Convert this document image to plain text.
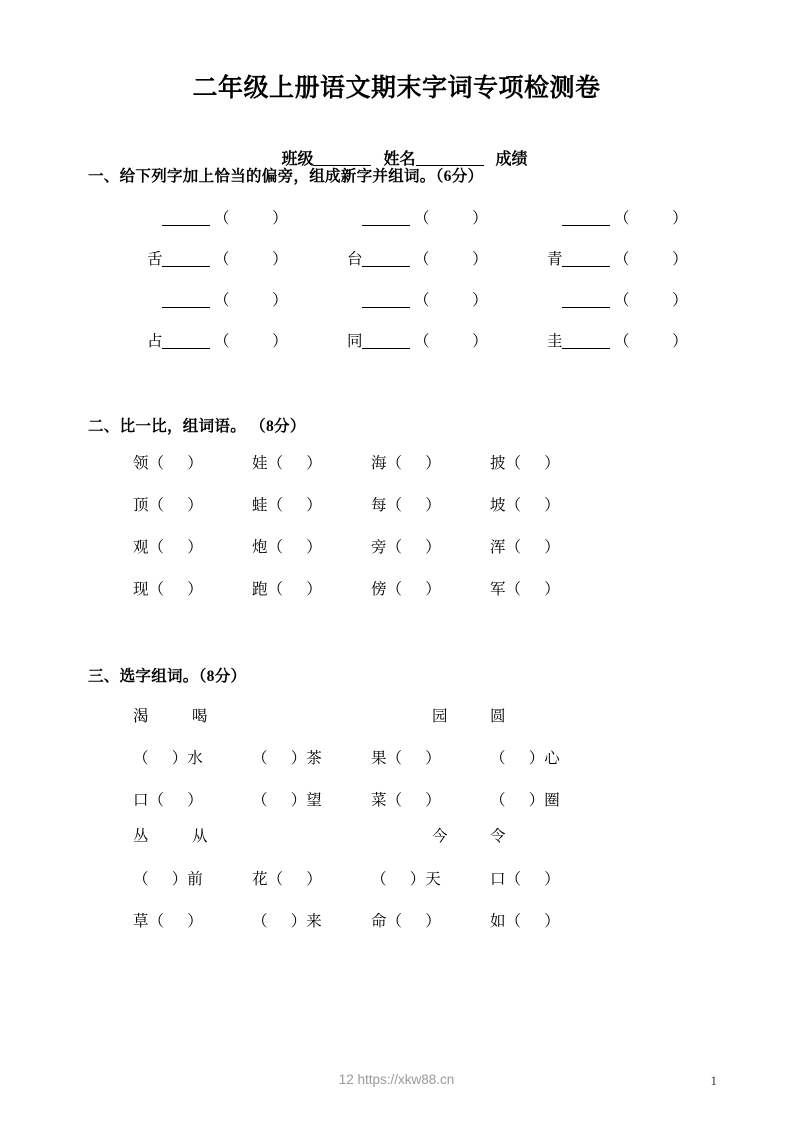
二年级上册语文期末字词专项检测卷

班级	姓名	成绩

一、给下列字加上恰当的偏旁，组成新字并组词。（6分）
（           ）	（           ）	（           ）
舌	（           ）	台	（           ）	青	（           ）
（           ）	（           ）	（           ）
占	（           ）	同	（           ）	圭	（           ）
二、比一比，组词语。 （8分）
领（      ）	娃（      ）	海（      ）	披（      ）
顶（      ）	蛙（      ）	每（      ）	坡（      ）
观（      ）	炮（      ）	旁（      ）	浑（      ）
现（      ）	跑（      ）	傍（      ）	军（      ）
三、选字组词。（8分）
渴	喝	园	圆
（      ）水	（      ）茶	果（      ）	（      ）心
口（      ）	（      ）望	菜（      ）	（      ）圈
丛	从	今	令
（      ）前	花（      ）	（      ）天	口（      ）
草（      ）	（      ）来	命（      ）	如（      ）
12 https://xkw88.cn	1
